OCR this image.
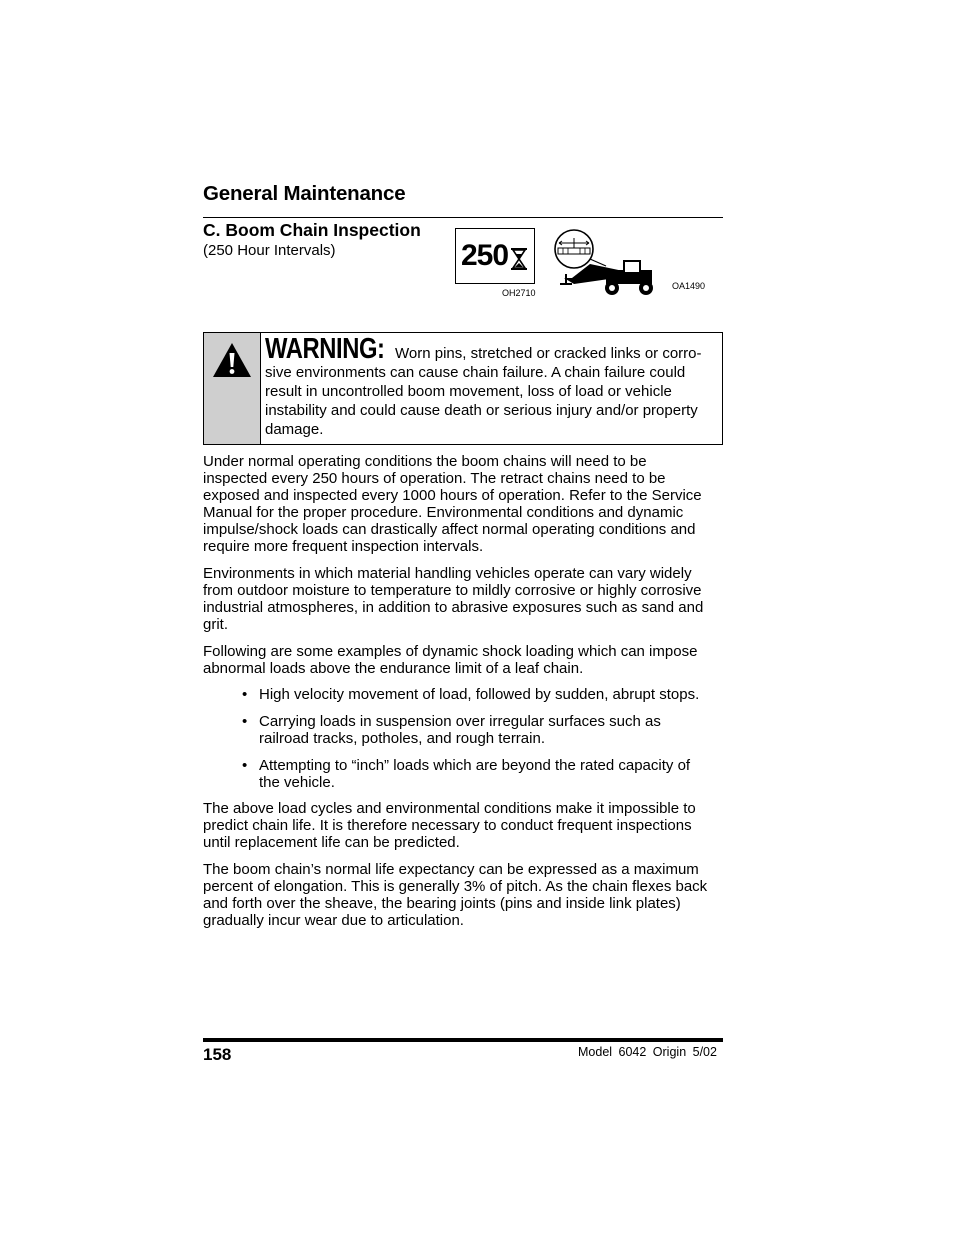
General Maintenance
C. Boom Chain Inspection
(250 Hour Intervals)	250
OH2710
OA1490
WARNING: Worn pins, stretched or cracked links or corro-
sive environments can cause chain failure. A chain failure could
result in uncontrolled boom movement, loss of load or vehicle
instability and could cause death or serious injury and/or property
damage.
Under normal operating conditions the boom chains will need to be
inspected every 250 hours of operation. The retract chains need to be
exposed and inspected every 1000 hours of operation. Refer to the Service
Manual for the proper procedure. Environmental conditions and dynamic
impulse/shock loads can drastically affect normal operating conditions and
require more frequent inspection intervals.
Environments in which material handling vehicles operate can vary widely
from outdoor moisture to temperature to mildly corrosive or highly corrosive
industrial atmospheres, in addition to abrasive exposures such as sand and
grit.
Following are some examples of dynamic shock loading which can impose
abnormal loads above the endurance limit of a leaf chain.
• High velocity movement of load, followed by sudden, abrupt stops.
• Carrying loads in suspension over irregular surfaces such as
railroad tracks, potholes, and rough terrain.
• Attempting to “inch” loads which are beyond the rated capacity of
the vehicle.
The above load cycles and environmental conditions make it impossible to
predict chain life. It is therefore necessary to conduct frequent inspections
until replacement life can be predicted.
The boom chain’s normal life expectancy can be expressed as a maximum
percent of elongation. This is generally 3% of pitch. As the chain flexes back
and forth over the sheave, the bearing joints (pins and inside link plates)
gradually incur wear due to articulation.
158	Model 6042 Origin 5/02
